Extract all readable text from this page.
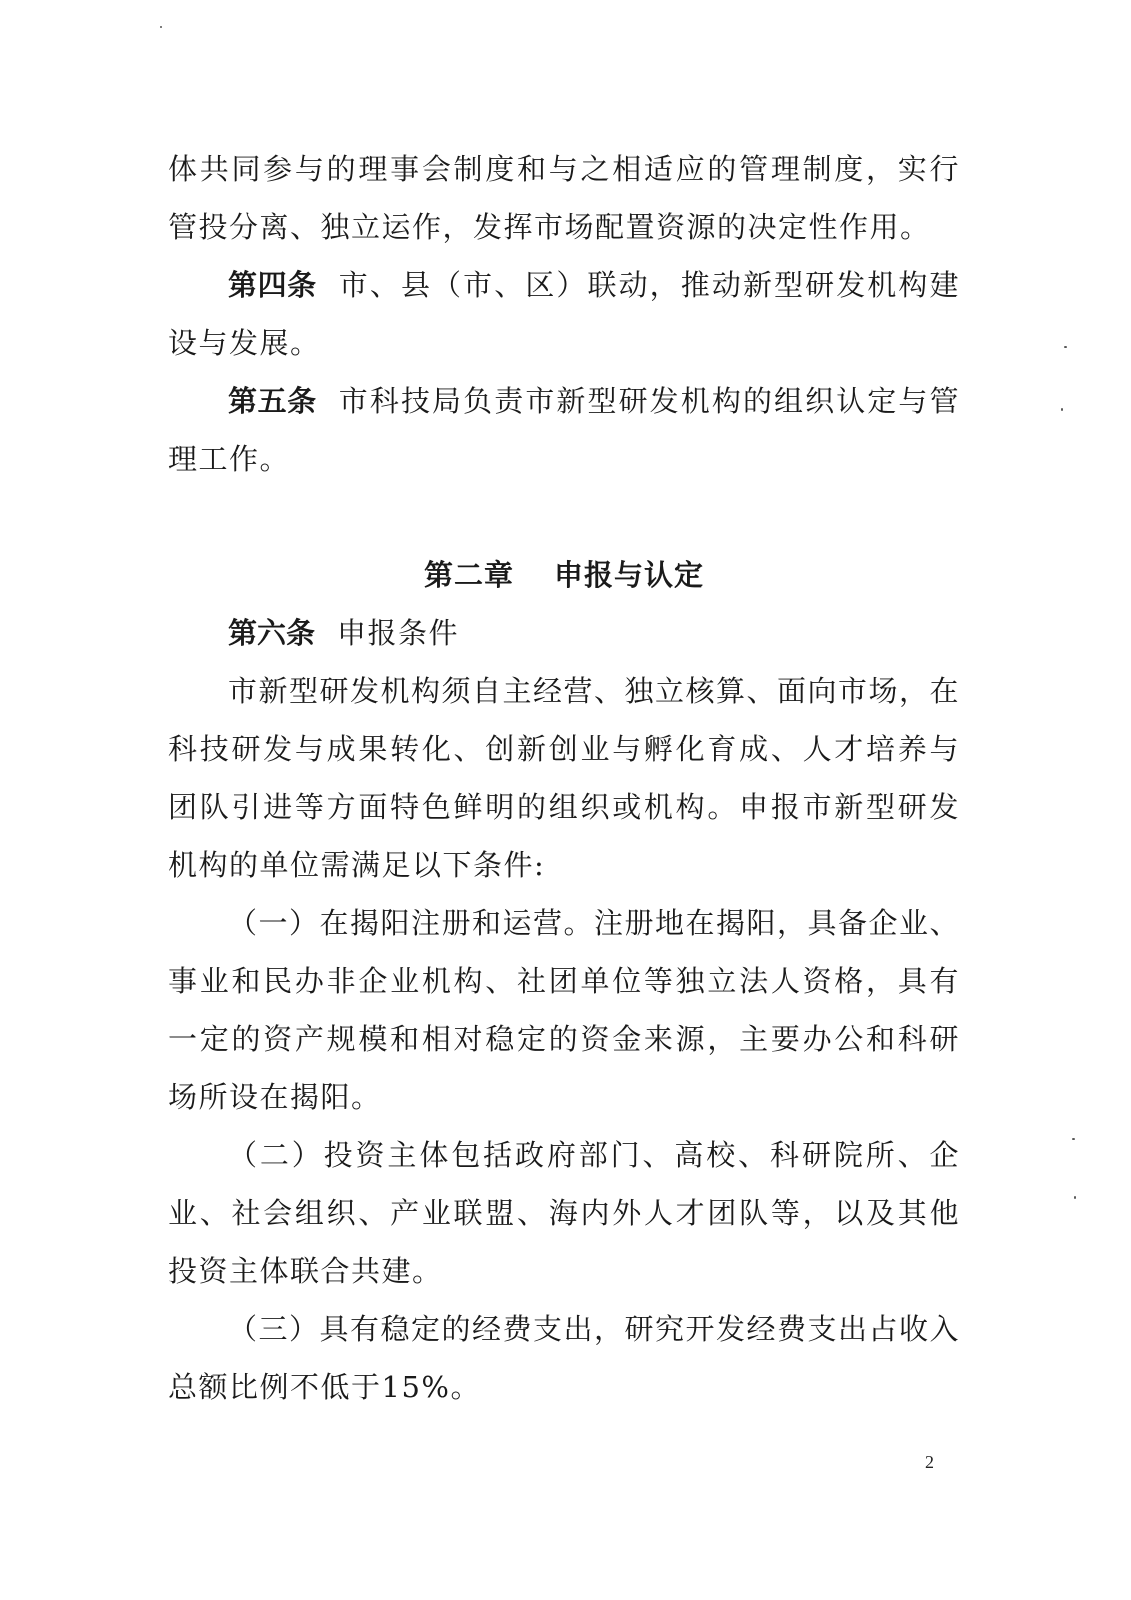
体共同参与的理事会制度和与之相适应的管理制度，实行管投分离、独立运作，发挥市场配置资源的决定性作用。

第四条 市、县（市、区）联动，推动新型研发机构建设与发展。

第五条 市科技局负责市新型研发机构的组织认定与管理工作。

第二章 申报与认定

第六条 申报条件

市新型研发机构须自主经营、独立核算、面向市场，在科技研发与成果转化、创新创业与孵化育成、人才培养与团队引进等方面特色鲜明的组织或机构。申报市新型研发机构的单位需满足以下条件:

（一）在揭阳注册和运营。注册地在揭阳，具备企业、事业和民办非企业机构、社团单位等独立法人资格，具有一定的资产规模和相对稳定的资金来源，主要办公和科研场所设在揭阳。

（二）投资主体包括政府部门、高校、科研院所、企业、社会组织、产业联盟、海内外人才团队等，以及其他投资主体联合共建。

（三）具有稳定的经费支出，研究开发经费支出占收入总额比例不低于15%。

2
